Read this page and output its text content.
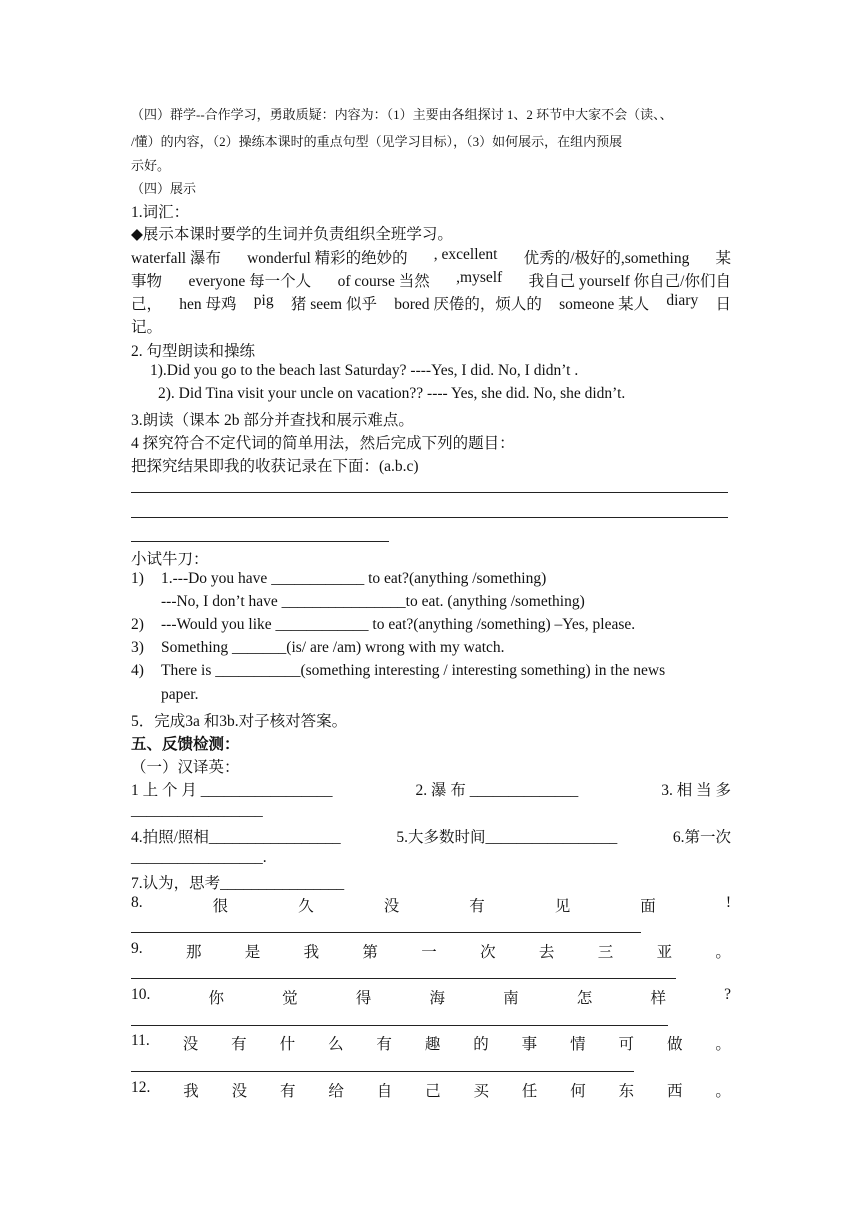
（四）群学--合作学习，勇敢质疑：内容为：（1）主要由各组探讨 1、2 环节中大家不会（读、、
/懂）的内容，（2）操练本课时的重点句型（见学习目标），（3）如何展示，在组内预展
示好。
（四）展示
1.词汇：
◆展示本课时要学的生词并负责组织全班学习。
waterfall 瀑布 wonderful 精彩的绝妙的 , excellent 优秀的/极好的,something 某
事物 everyone 每一个人 of course 当然 ,myself 我自己 yourself 你自己/你们自
己， hen 母鸡 pig 猪 seem 似乎 bored 厌倦的，烦人的 someone 某人 diary 日
记。
2. 句型朗读和操练
1).Did you go to the beach last Saturday? ----Yes, I did. No, I didn’t .
2). Did Tina visit your uncle on vacation?? ---- Yes, she did. No, she didn’t.
3.朗读（课本 2b 部分并查找和展示难点。
4 探究符合不定代词的简单用法，然后完成下列的题目：
把探究结果即我的收获记录在下面：(a.b.c)
小试牛刀：
1) 1.---Do you have ____________ to eat?(anything /something)
---No, I don’t have ________________to eat. (anything /something)
2) ---Would you like ____________ to eat?(anything /something) –Yes, please.
3) Something _______(is/ are /am) wrong with my watch.
4) There is ___________(something interesting / interesting something) in the news
paper.
5．完成3a 和3b.对子核对答案。
五、反馈检测：
（一）汉译英：
1 上 个 月 _________________	2. 瀑 布 ______________	3. 相 当 多
_________________
4.拍照/照相_________________	5.大多数时间_________________	6.第一次
_________________.
7.认为，思考________________
8.	很	久	没	有	见	面	!
9.	那	是	我	第	一	次	去	三	亚	。
10.	你	觉	得	海	南	怎	样	?
11. 没 有 什 么 有 趣 的 事 情 可 做 。
12. 我 没 有 给 自 己 买 任 何 东 西 。
